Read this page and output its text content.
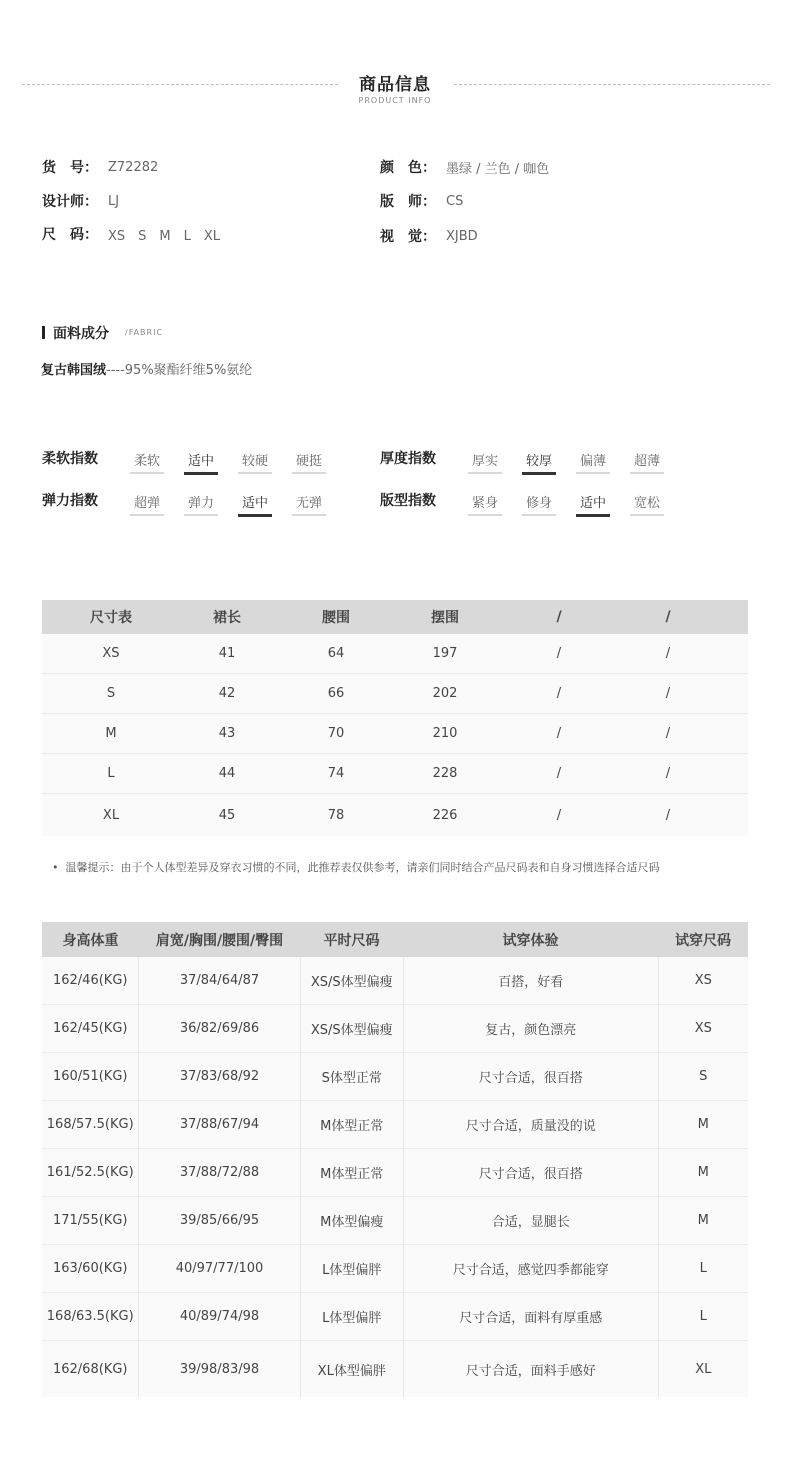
商品信息
PRODUCT INFO
货　号： Z72282
设计师： LJ
尺　码： XS　S　M　L　XL
颜　色： 墨绿 / 兰色 / 咖色
版　师： CS
视　觉： XJBD
面料成分 /FABRIC
复古韩国绒----95%聚酯纤维5%氨纶
柔软指数	柔软	适中	较硬	硬挺	厚度指数	厚实	较厚	偏薄	超薄
弹力指数	超弹	弹力	适中	无弹	版型指数	紧身	修身	适中	宽松
尺寸表	裙长	腰围	摆围	/	/
XS	41	64	197	/	/
S	42	66	202	/	/
M	43	70	210	/	/
L	44	74	228	/	/
XL	45	78	226	/	/
•  温馨提示：由于个人体型差异及穿衣习惯的不同，此推荐表仅供参考，请亲们同时结合产品尺码表和自身习惯选择合适尺码
身高体重	肩宽/胸围/腰围/臀围	平时尺码	试穿体验	试穿尺码
162/46(KG)	37/84/64/87	XS/S体型偏瘦	百搭，好看	XS
162/45(KG)	36/82/69/86	XS/S体型偏瘦	复古，颜色漂亮	XS
160/51(KG)	37/83/68/92	S体型正常	尺寸合适，很百搭	S
168/57.5(KG)	37/88/67/94	M体型正常	尺寸合适，质量没的说	M
161/52.5(KG)	37/88/72/88	M体型正常	尺寸合适，很百搭	M
171/55(KG)	39/85/66/95	M体型偏瘦	合适，显腿长	M
163/60(KG)	40/97/77/100	L体型偏胖	尺寸合适，感觉四季都能穿	L
168/63.5(KG)	40/89/74/98	L体型偏胖	尺寸合适，面料有厚重感	L
162/68(KG)	39/98/83/98	XL体型偏胖	尺寸合适，面料手感好	XL
